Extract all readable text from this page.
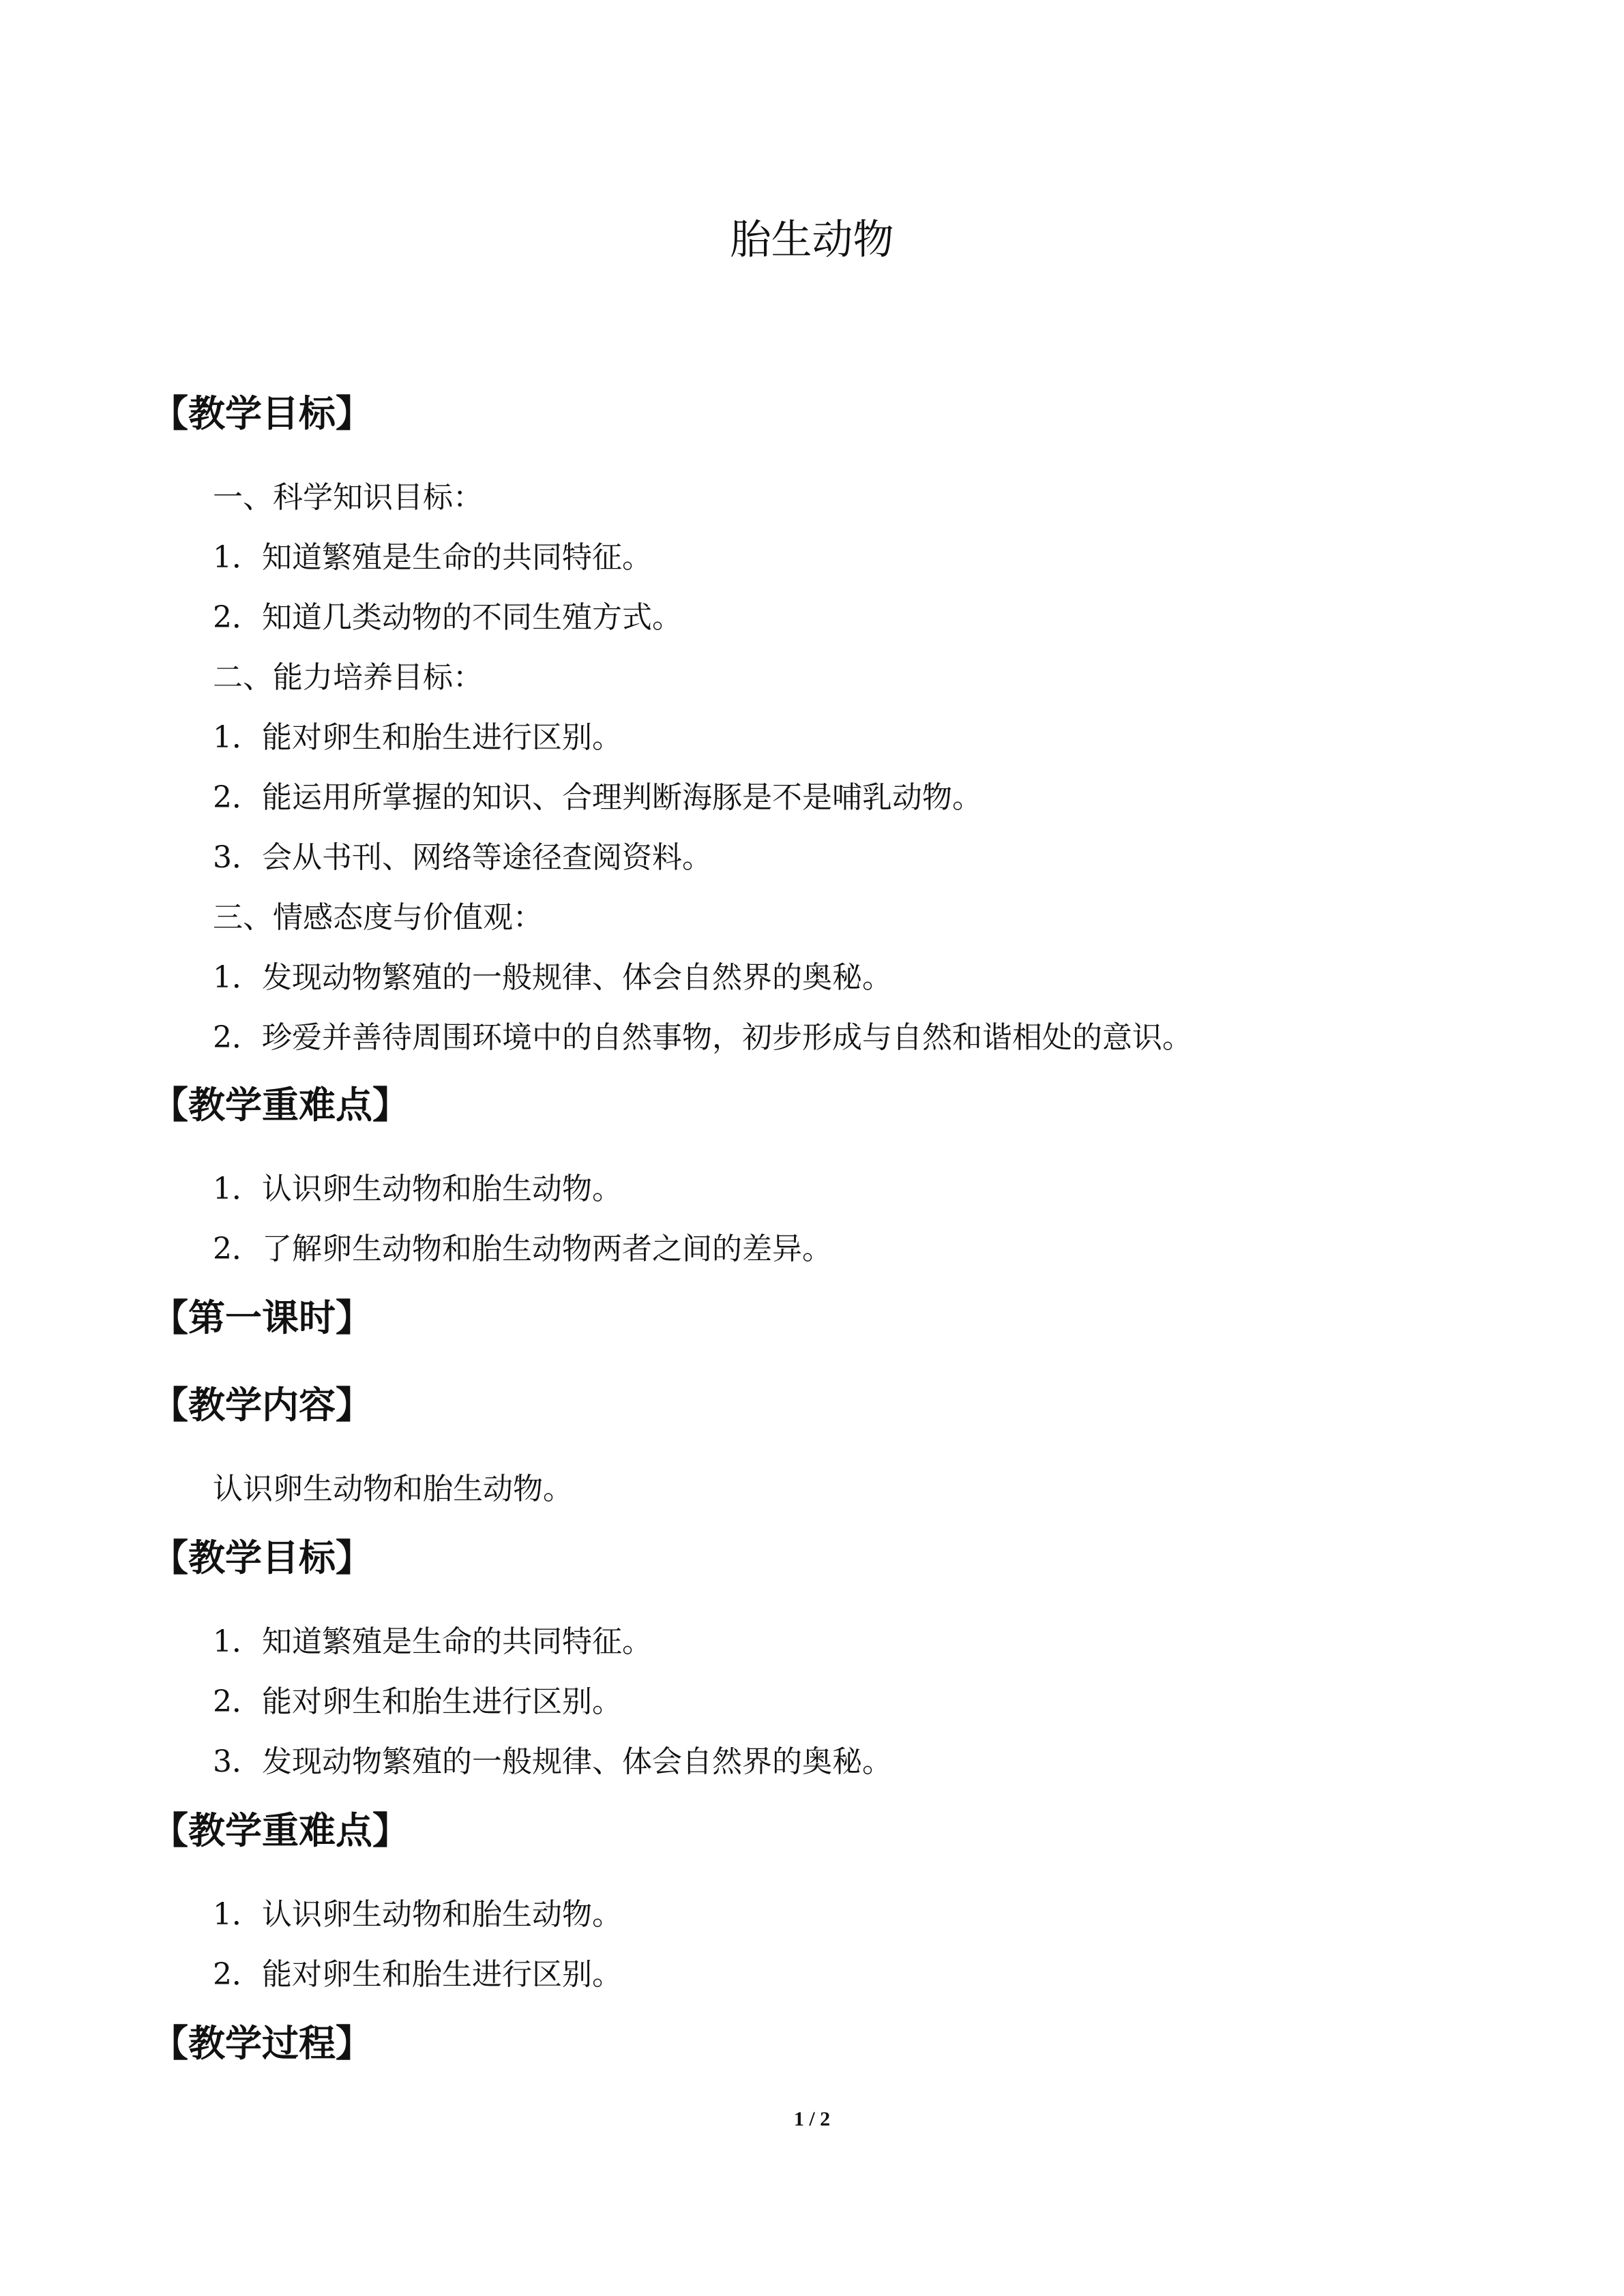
胎生动物
【教学目标】
一、科学知识目标：
1．知道繁殖是生命的共同特征。
2．知道几类动物的不同生殖方式。
二、能力培养目标：
1．能对卵生和胎生进行区别。
2．能运用所掌握的知识、合理判断海豚是不是哺乳动物。
3．会从书刊、网络等途径查阅资料。
三、情感态度与价值观：
1．发现动物繁殖的一般规律、体会自然界的奥秘。
2．珍爱并善待周围环境中的自然事物，初步形成与自然和谐相处的意识。
【教学重难点】
1．认识卵生动物和胎生动物。
2．了解卵生动物和胎生动物两者之间的差异。
【第一课时】
【教学内容】
认识卵生动物和胎生动物。
【教学目标】
1．知道繁殖是生命的共同特征。
2．能对卵生和胎生进行区别。
3．发现动物繁殖的一般规律、体会自然界的奥秘。
【教学重难点】
1．认识卵生动物和胎生动物。
2．能对卵生和胎生进行区别。
【教学过程】
1 / 2
